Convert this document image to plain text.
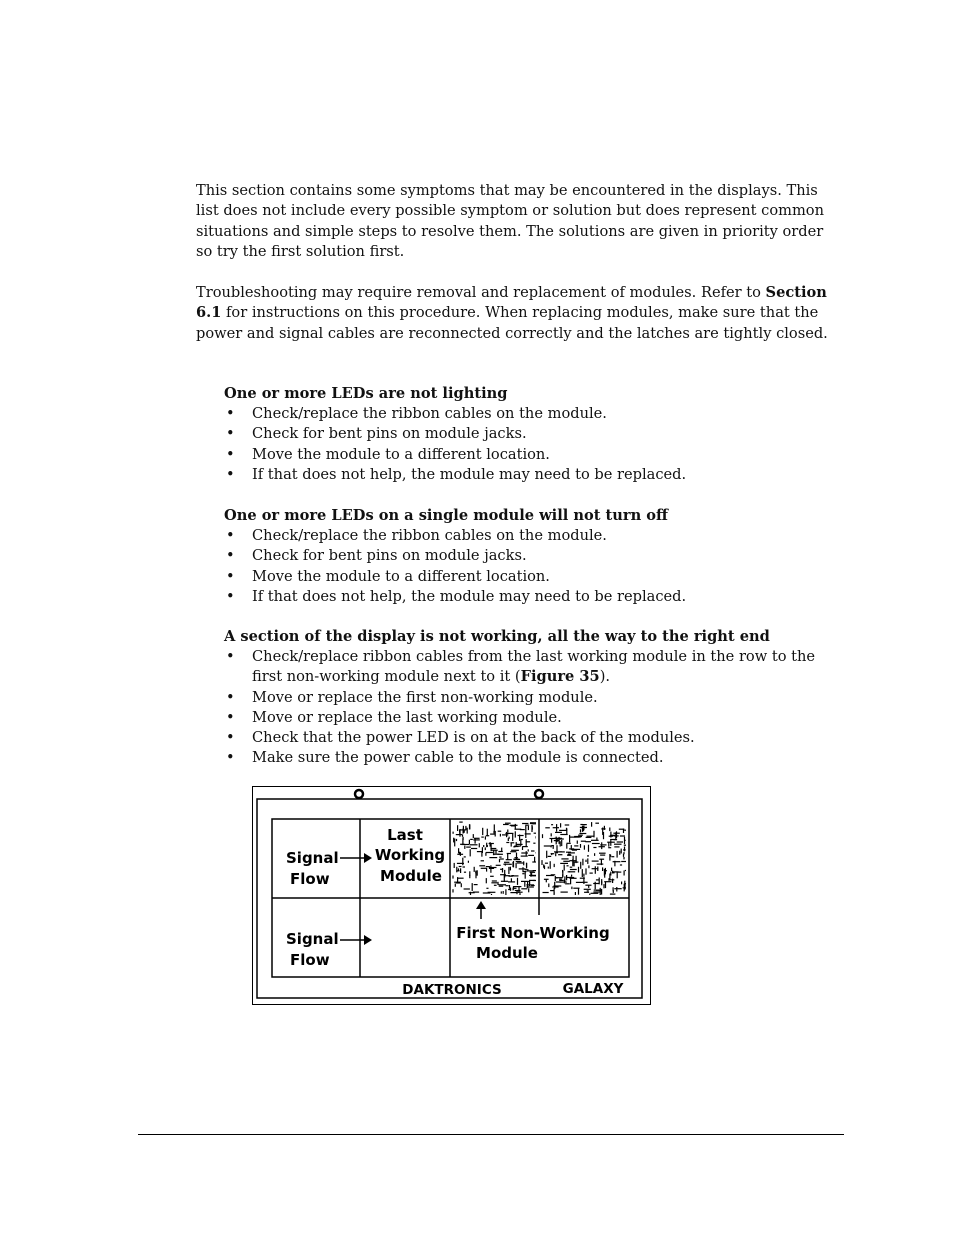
This section contains some symptoms that may be encountered in the displays. This list does not include every possible symptom or solution but does represent common situations and simple steps to resolve them. The solutions are given in priority order so try the first solution first.

Troubleshooting may require removal and replacement of modules. Refer to Section 6.1 for instructions on this procedure. When replacing modules, make sure that the power and signal cables are reconnected correctly and the latches are tightly closed.

One or more LEDs are not lighting

• Check/replace the ribbon cables on the module.
• Check for bent pins on module jacks.
• Move the module to a different location.
• If that does not help, the module may need to be replaced.

One or more LEDs on a single module will not turn off

• Check/replace the ribbon cables on the module.
• Check for bent pins on module jacks.
• Move the module to a different location.
• If that does not help, the module may need to be replaced.

A section of the display is not working, all the way to the right end

• Check/replace ribbon cables from the last working module in the row to the first non-working module next to it (Figure 35).
• Move or replace the first non-working module.
• Move or replace the last working module.
• Check that the power LED is on at the back of the modules.
• Make sure the power cable to the module is connected.
Signal
Flow
Last
Working
Module
Signal
Flow
First Non-Working
Module
DAKTRONICS	GALAXY
